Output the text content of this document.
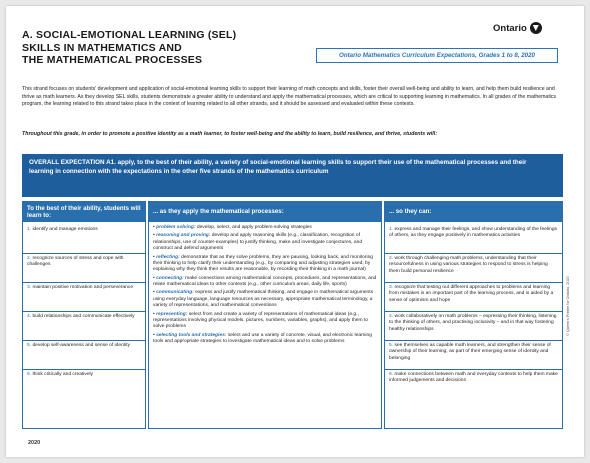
A. SOCIAL-EMOTIONAL LEARNING (SEL)
SKILLS IN MATHEMATICS AND
THE MATHEMATICAL PROCESSES
Ontario
Ontario Mathematics Curriculum Expectations, Grades 1 to 8, 2020
This strand focuses on students' development and application of social-emotional learning skills to support their learning of math concepts and skills, foster their overall well-being and ability to learn, and help them build resilience and thrive as math learners. As they develop SEL skills, students demonstrate a greater ability to understand and apply the mathematical processes, which are critical to supporting learning in mathematics. In all grades of the mathematics program, the learning related to this strand takes place in the context of learning related to all other strands, and it should be assessed and evaluated within these contexts.
Throughout this grade, in order to promote a positive identity as a math learner, to foster well-being and the ability to learn, build resilience, and thrive, students will:
OVERALL EXPECTATION A1. apply, to the best of their ability, a variety of social-emotional learning skills to support their use of the mathematical processes and their learning in connection with the expectations in the other five strands of the mathematics curriculum
To the best of their ability, students will learn to:
1. identify and manage emotions
2. recognize sources of stress and cope with challenges
3. maintain positive motivation and perseverance
4. build relationships and communicate effectively
5. develop self-awareness and sense of identity
6. think critically and creatively
... as they apply the mathematical processes:
• problem solving: develop, select, and apply problem-solving strategies
• reasoning and proving: develop and apply reasoning skills (e.g., classification, recognition of relationships, use of counter-examples) to justify thinking, make and investigate conjectures, and construct and defend arguments
• reflecting: demonstrate that as they solve problems, they are pausing, looking back, and monitoring their thinking to help clarify their understanding (e.g., by comparing and adjusting strategies used, by explaining why they think their results are reasonable, by recording their thinking in a math journal)
• connecting: make connections among mathematical concepts, procedures, and representations, and relate mathematical ideas to other contexts (e.g., other curriculum areas, daily life, sports)
• communicating: express and justify mathematical thinking, and engage in mathematical arguments using everyday language, language resources as necessary, appropriate mathematical terminology, a variety of representations, and mathematical conventions
• representing: select from and create a variety of representations of mathematical ideas (e.g., representations involving physical models, pictures, numbers, variables, graphs), and apply them to solve problems
• selecting tools and strategies: select and use a variety of concrete, visual, and electronic learning tools and appropriate strategies to investigate mathematical ideas and to solve problems
... so they can:
1. express and manage their feelings, and show understanding of the feelings of others, as they engage positively in mathematics activities
2. work through challenging math problems, understanding that their resourcefulness in using various strategies to respond to stress is helping them build personal resilience
3. recognize that testing out different approaches to problems and learning from mistakes is an important part of the learning process, and is aided by a sense of optimism and hope
4. work collaboratively on math problems – expressing their thinking, listening to the thinking of others, and practising inclusivity – and in that way fostering healthy relationships
5. see themselves as capable math learners, and strengthen their sense of ownership of their learning, as part of their emerging sense of identity and belonging
6. make connections between math and everyday contexts to help them make informed judgements and decisions
2020
© Queen's Printer for Ontario, 2020
